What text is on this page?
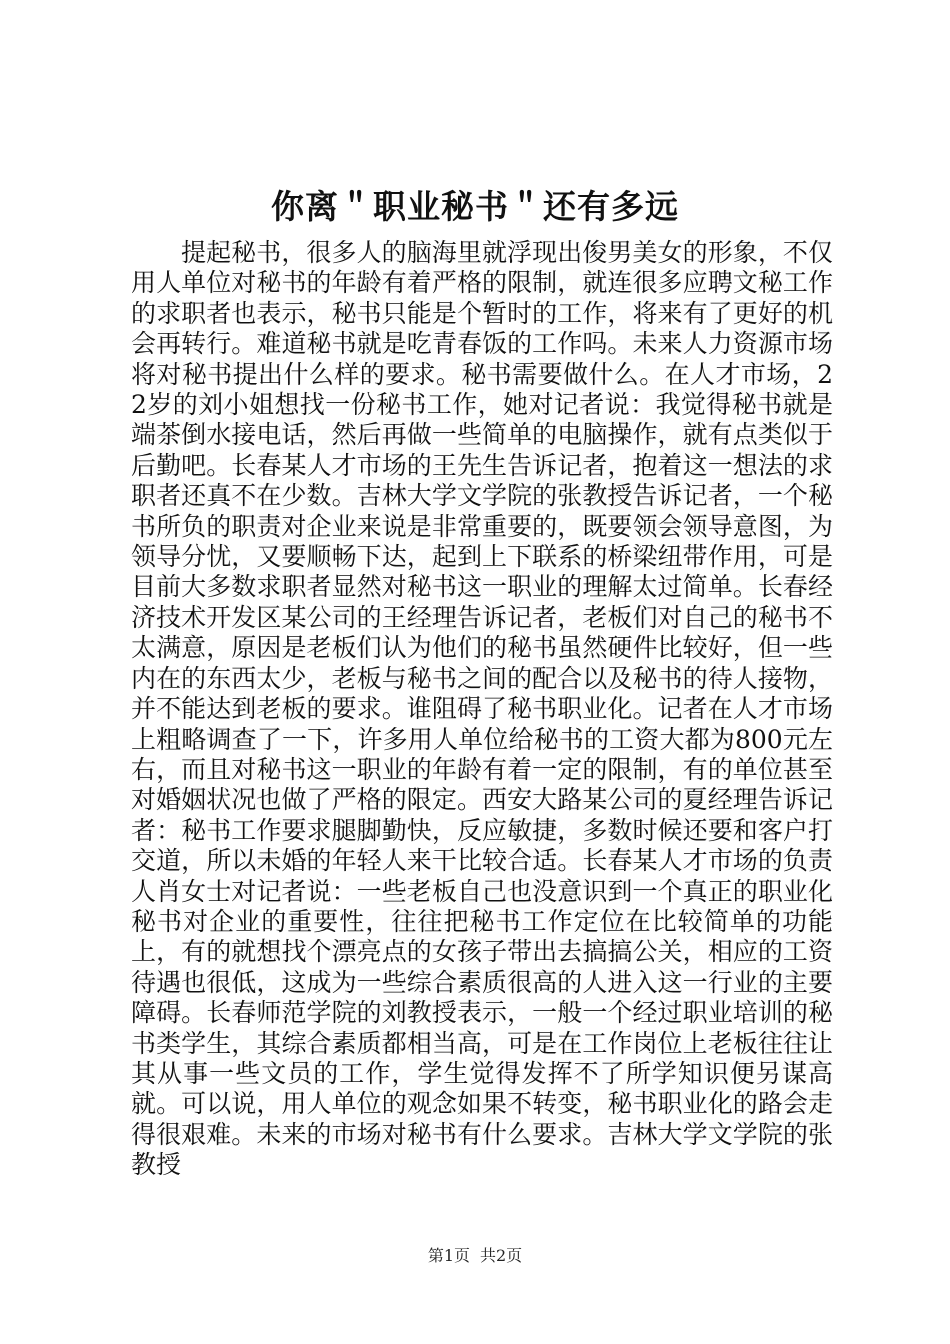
你离＂职业秘书＂还有多远

提起秘书，很多人的脑海里就浮现出俊男美女的形象，不仅用人单位对秘书的年龄有着严格的限制，就连很多应聘文秘工作的求职者也表示，秘书只能是个暂时的工作，将来有了更好的机会再转行。难道秘书就是吃青春饭的工作吗。未来人力资源市场将对秘书提出什么样的要求。秘书需要做什么。在人才市场，22岁的刘小姐想找一份秘书工作，她对记者说：我觉得秘书就是端茶倒水接电话，然后再做一些简单的电脑操作，就有点类似于后勤吧。长春某人才市场的王先生告诉记者，抱着这一想法的求职者还真不在少数。吉林大学文学院的张教授告诉记者，一个秘书所负的职责对企业来说是非常重要的，既要领会领导意图，为领导分忧，又要顺畅下达，起到上下联系的桥梁纽带作用，可是目前大多数求职者显然对秘书这一职业的理解太过简单。长春经济技术开发区某公司的王经理告诉记者，老板们对自己的秘书不太满意，原因是老板们认为他们的秘书虽然硬件比较好，但一些内在的东西太少，老板与秘书之间的配合以及秘书的待人接物，并不能达到老板的要求。谁阻碍了秘书职业化。记者在人才市场上粗略调查了一下，许多用人单位给秘书的工资大都为800元左右，而且对秘书这一职业的年龄有着一定的限制，有的单位甚至对婚姻状况也做了严格的限定。西安大路某公司的夏经理告诉记者：秘书工作要求腿脚勤快，反应敏捷，多数时候还要和客户打交道，所以未婚的年轻人来干比较合适。长春某人才市场的负责人肖女士对记者说：一些老板自己也没意识到一个真正的职业化秘书对企业的重要性，往往把秘书工作定位在比较简单的功能上，有的就想找个漂亮点的女孩子带出去搞搞公关，相应的工资待遇也很低，这成为一些综合素质很高的人进入这一行业的主要障碍。长春师范学院的刘教授表示，一般一个经过职业培训的秘书类学生，其综合素质都相当高，可是在工作岗位上老板往往让其从事一些文员的工作，学生觉得发挥不了所学知识便另谋高就。可以说，用人单位的观念如果不转变，秘书职业化的路会走得很艰难。未来的市场对秘书有什么要求。吉林大学文学院的张教授

第1页 共2页
